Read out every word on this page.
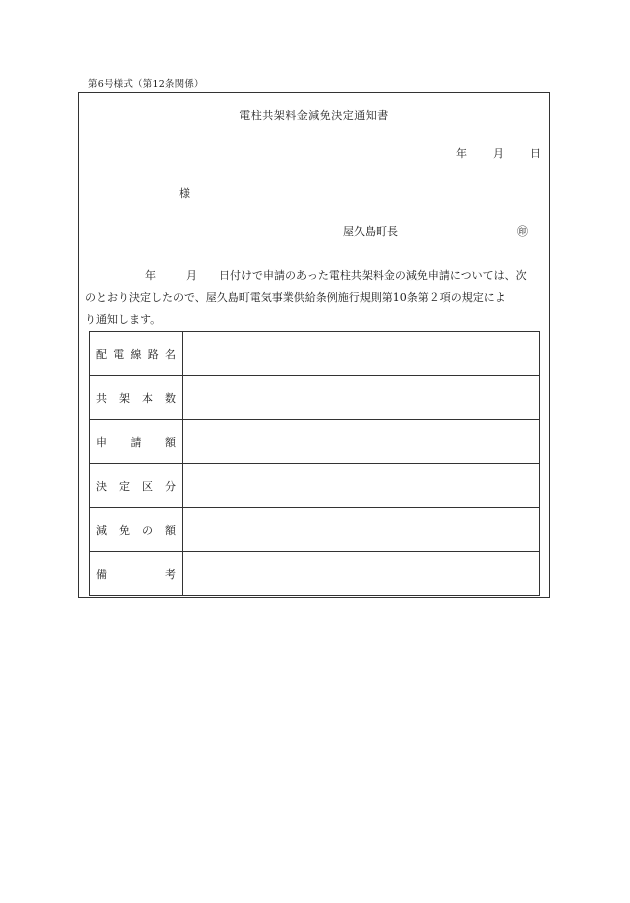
第6号様式（第12条関係）
電柱共架料金減免決定通知書
年 月 日
様
屋久島町長	㊞

年	月 日付けで申請のあった電柱共架料金の減免申請については、次

のとおり決定したので、屋久島町電気事業供給条例施行規則第10条第２項の規定によ

り通知します。

配 電 線 路 名	

共 架 本 数	

申 請 額	

決 定 区 分	

減 免 の 額	

備 考	
